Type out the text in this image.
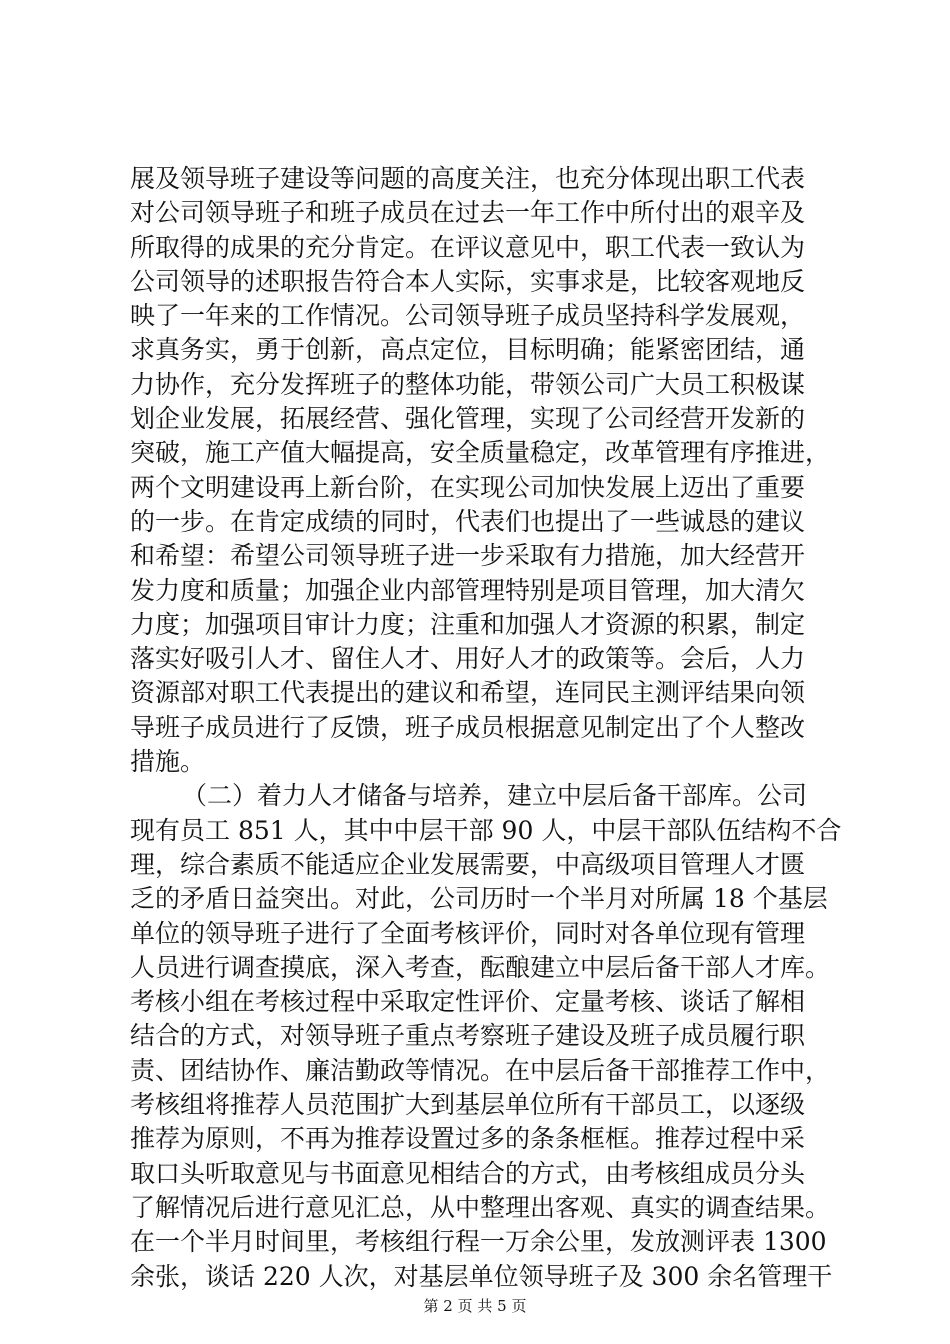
展及领导班子建设等问题的高度关注，也充分体现出职工代表
对公司领导班子和班子成员在过去一年工作中所付出的艰辛及
所取得的成果的充分肯定。在评议意见中，职工代表一致认为
公司领导的述职报告符合本人实际，实事求是，比较客观地反
映了一年来的工作情况。公司领导班子成员坚持科学发展观，
求真务实，勇于创新，高点定位，目标明确；能紧密团结，通
力协作，充分发挥班子的整体功能，带领公司广大员工积极谋
划企业发展，拓展经营、强化管理，实现了公司经营开发新的
突破，施工产值大幅提高，安全质量稳定，改革管理有序推进，
两个文明建设再上新台阶，在实现公司加快发展上迈出了重要
的一步。在肯定成绩的同时，代表们也提出了一些诚恳的建议
和希望：希望公司领导班子进一步采取有力措施，加大经营开
发力度和质量；加强企业内部管理特别是项目管理，加大清欠
力度；加强项目审计力度；注重和加强人才资源的积累，制定
落实好吸引人才、留住人才、用好人才的政策等。会后，人力
资源部对职工代表提出的建议和希望，连同民主测评结果向领
导班子成员进行了反馈，班子成员根据意见制定出了个人整改
措施。
（二）着力人才储备与培养，建立中层后备干部库。公司
现有员工 851 人，其中中层干部 90 人，中层干部队伍结构不合
理，综合素质不能适应企业发展需要，中高级项目管理人才匮
乏的矛盾日益突出。对此，公司历时一个半月对所属 18 个基层
单位的领导班子进行了全面考核评价，同时对各单位现有管理
人员进行调查摸底，深入考查，酝酿建立中层后备干部人才库。
考核小组在考核过程中采取定性评价、定量考核、谈话了解相
结合的方式，对领导班子重点考察班子建设及班子成员履行职
责、团结协作、廉洁勤政等情况。在中层后备干部推荐工作中，
考核组将推荐人员范围扩大到基层单位所有干部员工，以逐级
推荐为原则，不再为推荐设置过多的条条框框。推荐过程中采
取口头听取意见与书面意见相结合的方式，由考核组成员分头
了解情况后进行意见汇总，从中整理出客观、真实的调查结果。
在一个半月时间里，考核组行程一万余公里，发放测评表 1300
余张，谈话 220 人次，对基层单位领导班子及 300 余名管理干
第 2 页 共 5 页
